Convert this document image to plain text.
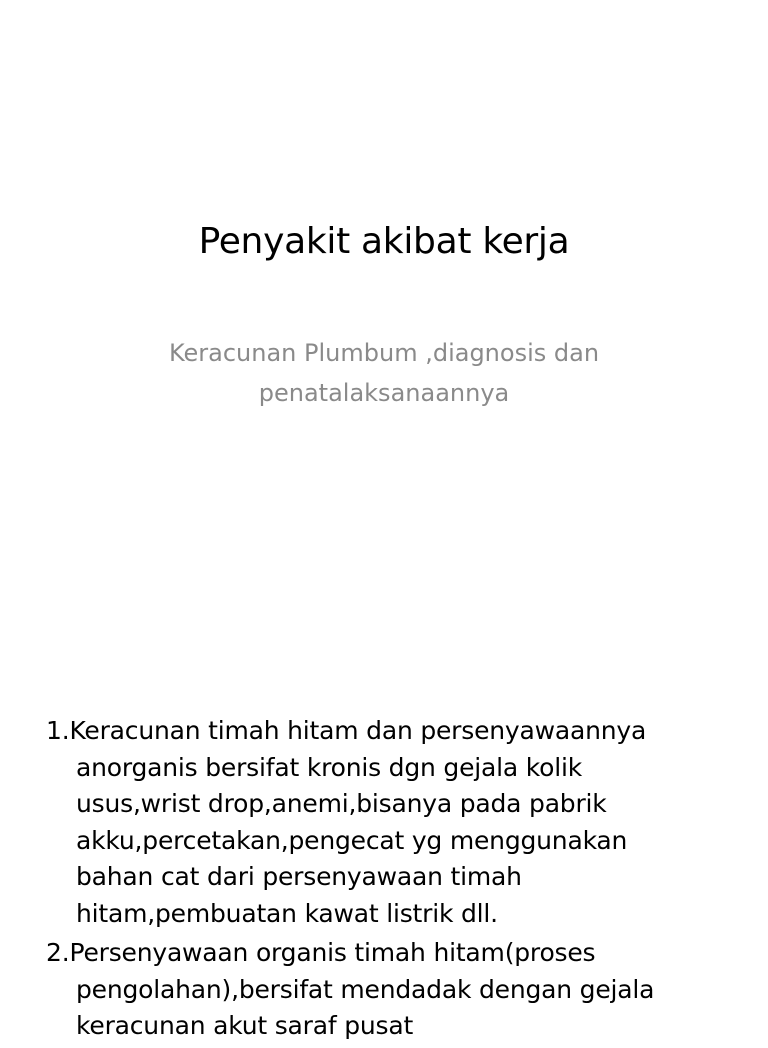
Penyakit akibat kerja
Keracunan Plumbum ,diagnosis dan
penatalaksanaannya
1.Keracunan timah hitam dan persenyawaannya
anorganis bersifat kronis dgn gejala kolik
usus,wrist drop,anemi,bisanya pada pabrik
akku,percetakan,pengecat yg menggunakan
bahan cat dari persenyawaan timah
hitam,pembuatan kawat listrik dll.
2.Persenyawaan organis timah hitam(proses
pengolahan),bersifat mendadak dengan gejala
keracunan akut saraf pusat
